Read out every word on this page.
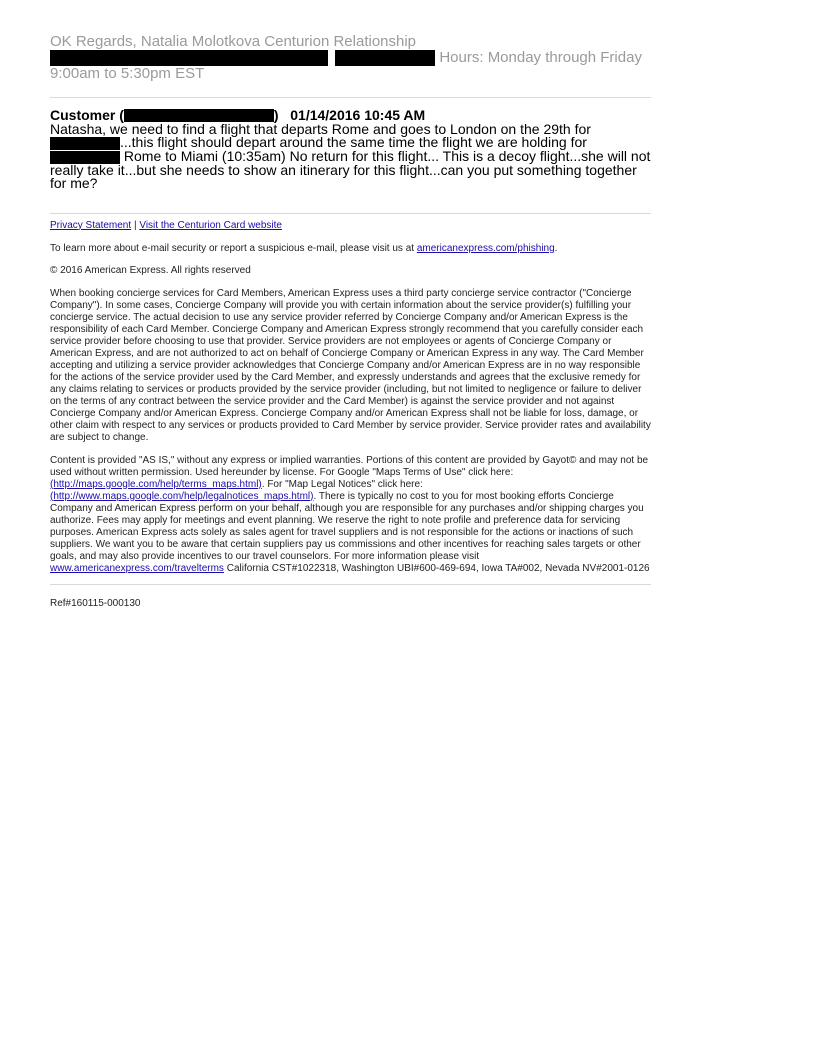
OK Regards, Natalia Molotkova Centurion Relationship
Hours: Monday through Friday
9:00am to 5:30pm EST
Customer (	) 01/14/2016 10:45 AM
Natasha, we need to find a flight that departs Rome and goes to London on the 29th for
...this flight should depart around the same time the flight we are holding for
Rome to Miami (10:35am) No return for this flight... This is a decoy flight...she will not really take it...but she needs to show an itinerary for this flight...can you put something together for me?
Privacy Statement | Visit the Centurion Card website
To learn more about e-mail security or report a suspicious e-mail, please visit us at americanexpress.com/phishing.
© 2016 American Express. All rights reserved
When booking concierge services for Card Members, American Express uses a third party concierge service contractor ("Concierge Company"). In some cases, Concierge Company will provide you with certain information about the service provider(s) fulfilling your concierge service. The actual decision to use any service provider referred by Concierge Company and/or American Express is the responsibility of each Card Member. Concierge Company and American Express strongly recommend that you carefully consider each service provider before choosing to use that provider. Service providers are not employees or agents of Concierge Company or American Express, and are not authorized to act on behalf of Concierge Company or American Express in any way. The Card Member accepting and utilizing a service provider acknowledges that Concierge Company and/or American Express are in no way responsible for the actions of the service provider used by the Card Member, and expressly understands and agrees that the exclusive remedy for any claims relating to services or products provided by the service provider (including, but not limited to negligence or failure to deliver on the terms of any contract between the service provider and the Card Member) is against the service provider and not against Concierge Company and/or American Express. Concierge Company and/or American Express shall not be liable for loss, damage, or other claim with respect to any services or products provided to Card Member by service provider. Service provider rates and availability are subject to change.
Content is provided "AS IS," without any express or implied warranties. Portions of this content are provided by Gayot© and may not be used without written permission. Used hereunder by license. For Google "Maps Terms of Use" click here: (http://maps.google.com/help/terms_maps.html). For "Map Legal Notices" click here: (http://www.maps.google.com/help/legalnotices_maps.html). There is typically no cost to you for most booking efforts Concierge Company and American Express perform on your behalf, although you are responsible for any purchases and/or shipping charges you authorize. Fees may apply for meetings and event planning. We reserve the right to note profile and preference data for servicing purposes. American Express acts solely as sales agent for travel suppliers and is not responsible for the actions or inactions of such suppliers. We want you to be aware that certain suppliers pay us commissions and other incentives for reaching sales targets or other goals, and may also provide incentives to our travel counselors. For more information please visit www.americanexpress.com/travelterms California CST#1022318, Washington UBI#600-469-694, Iowa TA#002, Nevada NV#2001-0126
Ref#160115-000130
